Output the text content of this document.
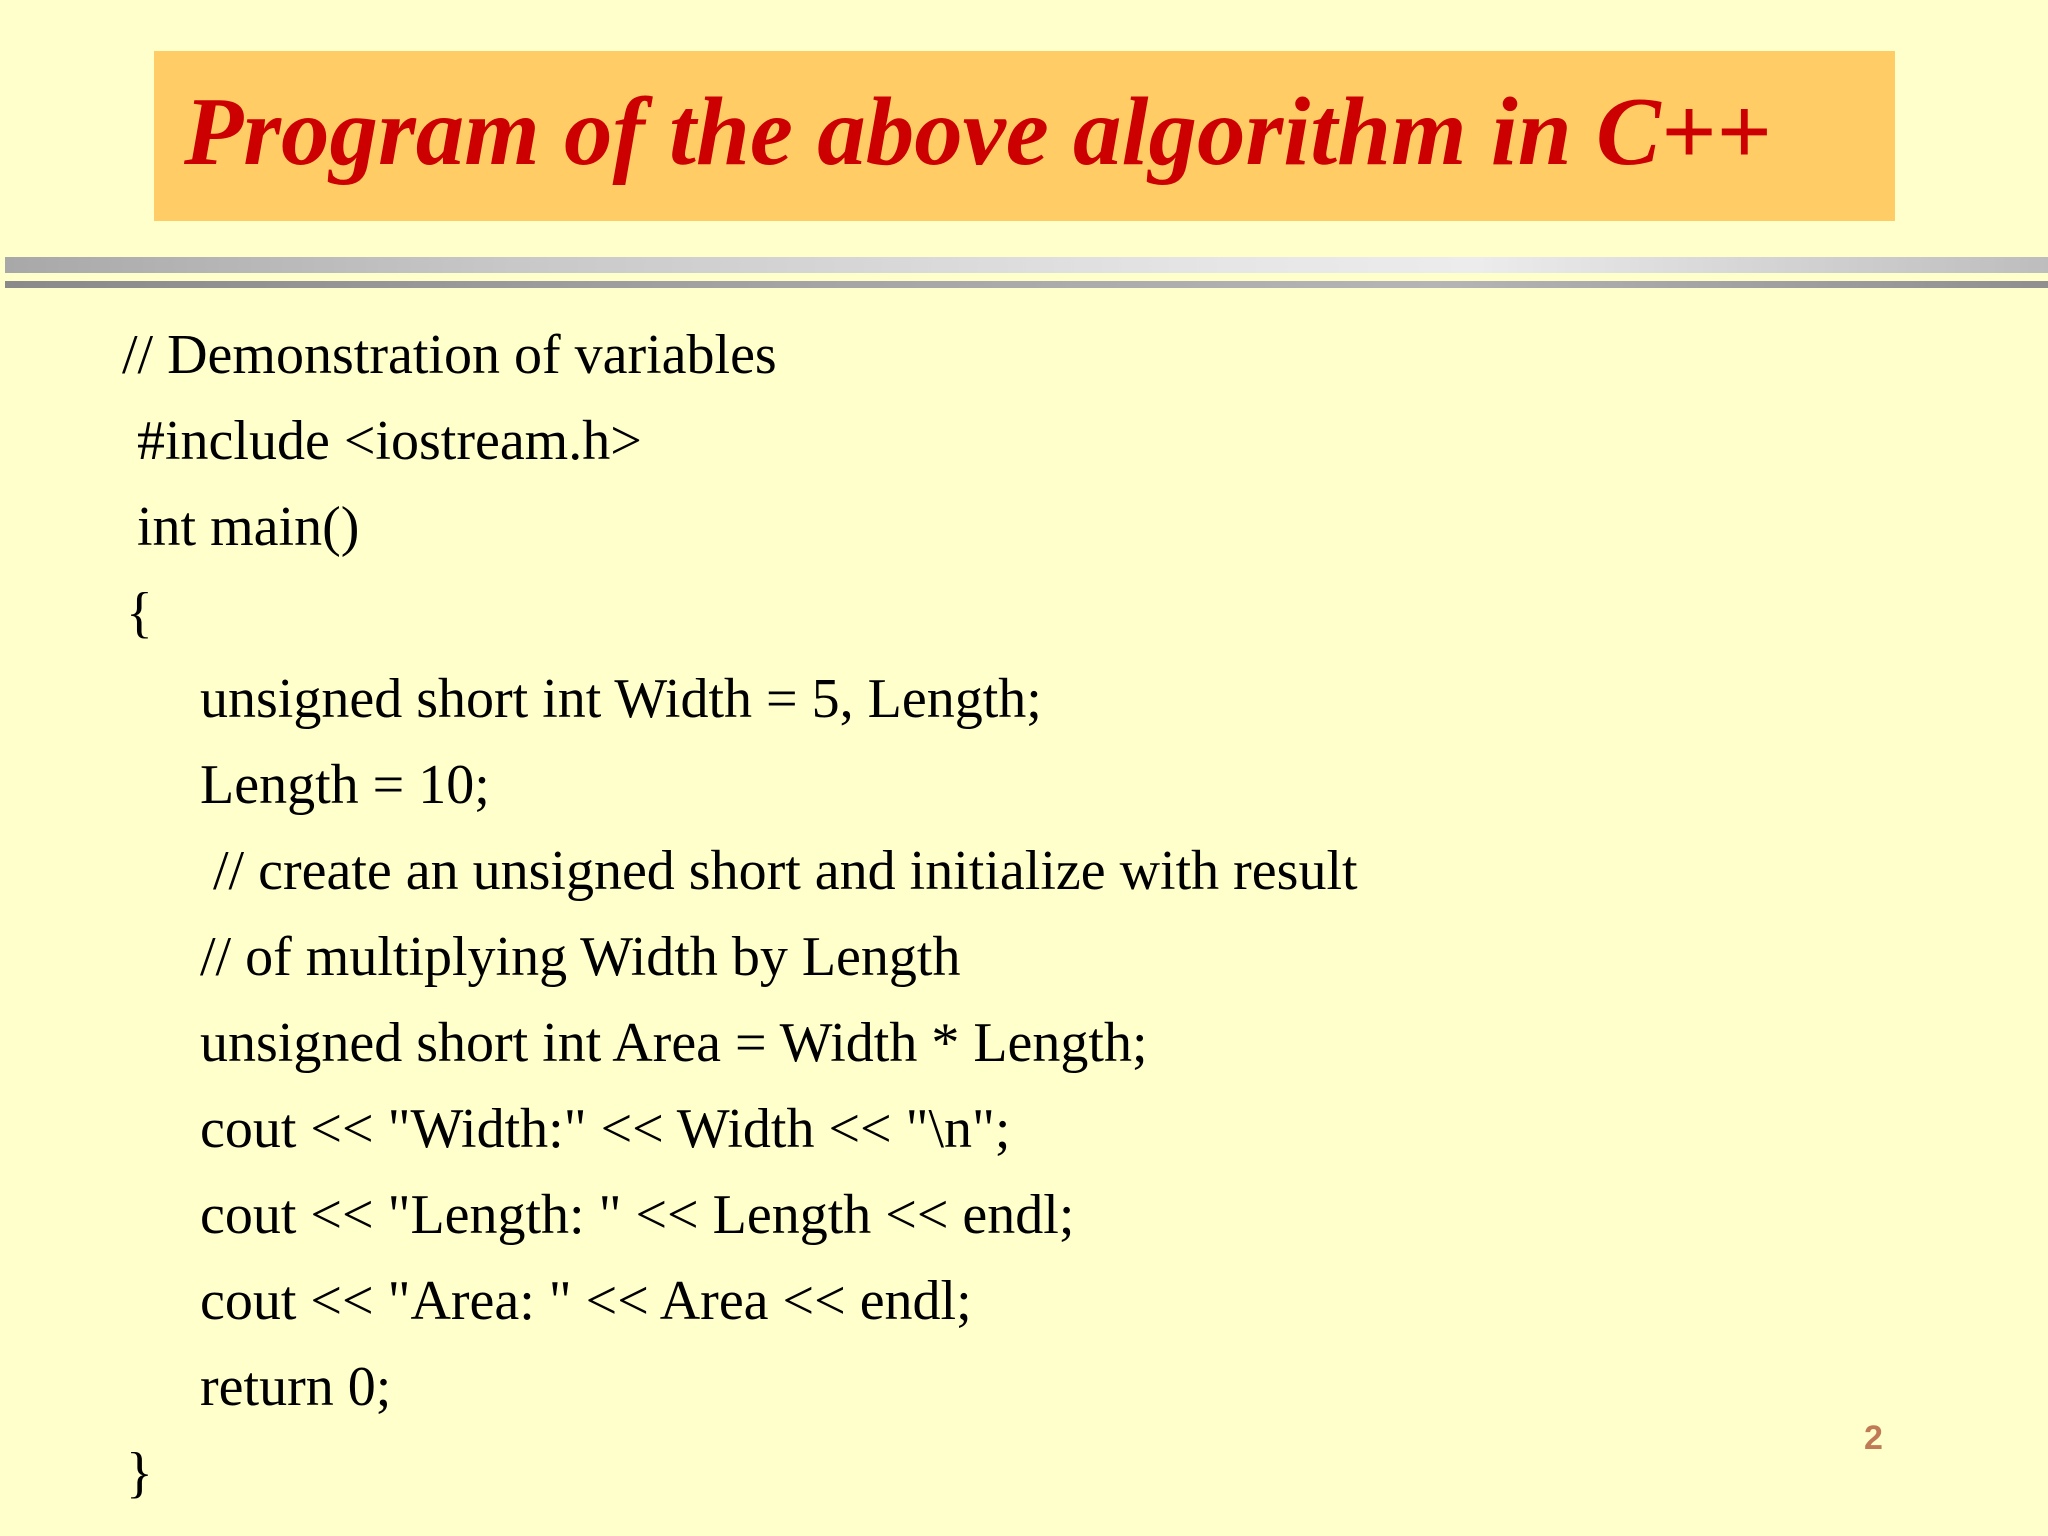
Program of the above algorithm in C++
// Demonstration of variables
#include <iostream.h>
int main()
{
unsigned short int Width = 5, Length;
Length = 10;
// create an unsigned short and initialize with result
// of multiplying Width by Length
unsigned short int Area = Width * Length;
cout << "Width:" << Width << "\n";
cout << "Length: " << Length << endl;
cout << "Area: " << Area << endl;
return 0;
}
2
